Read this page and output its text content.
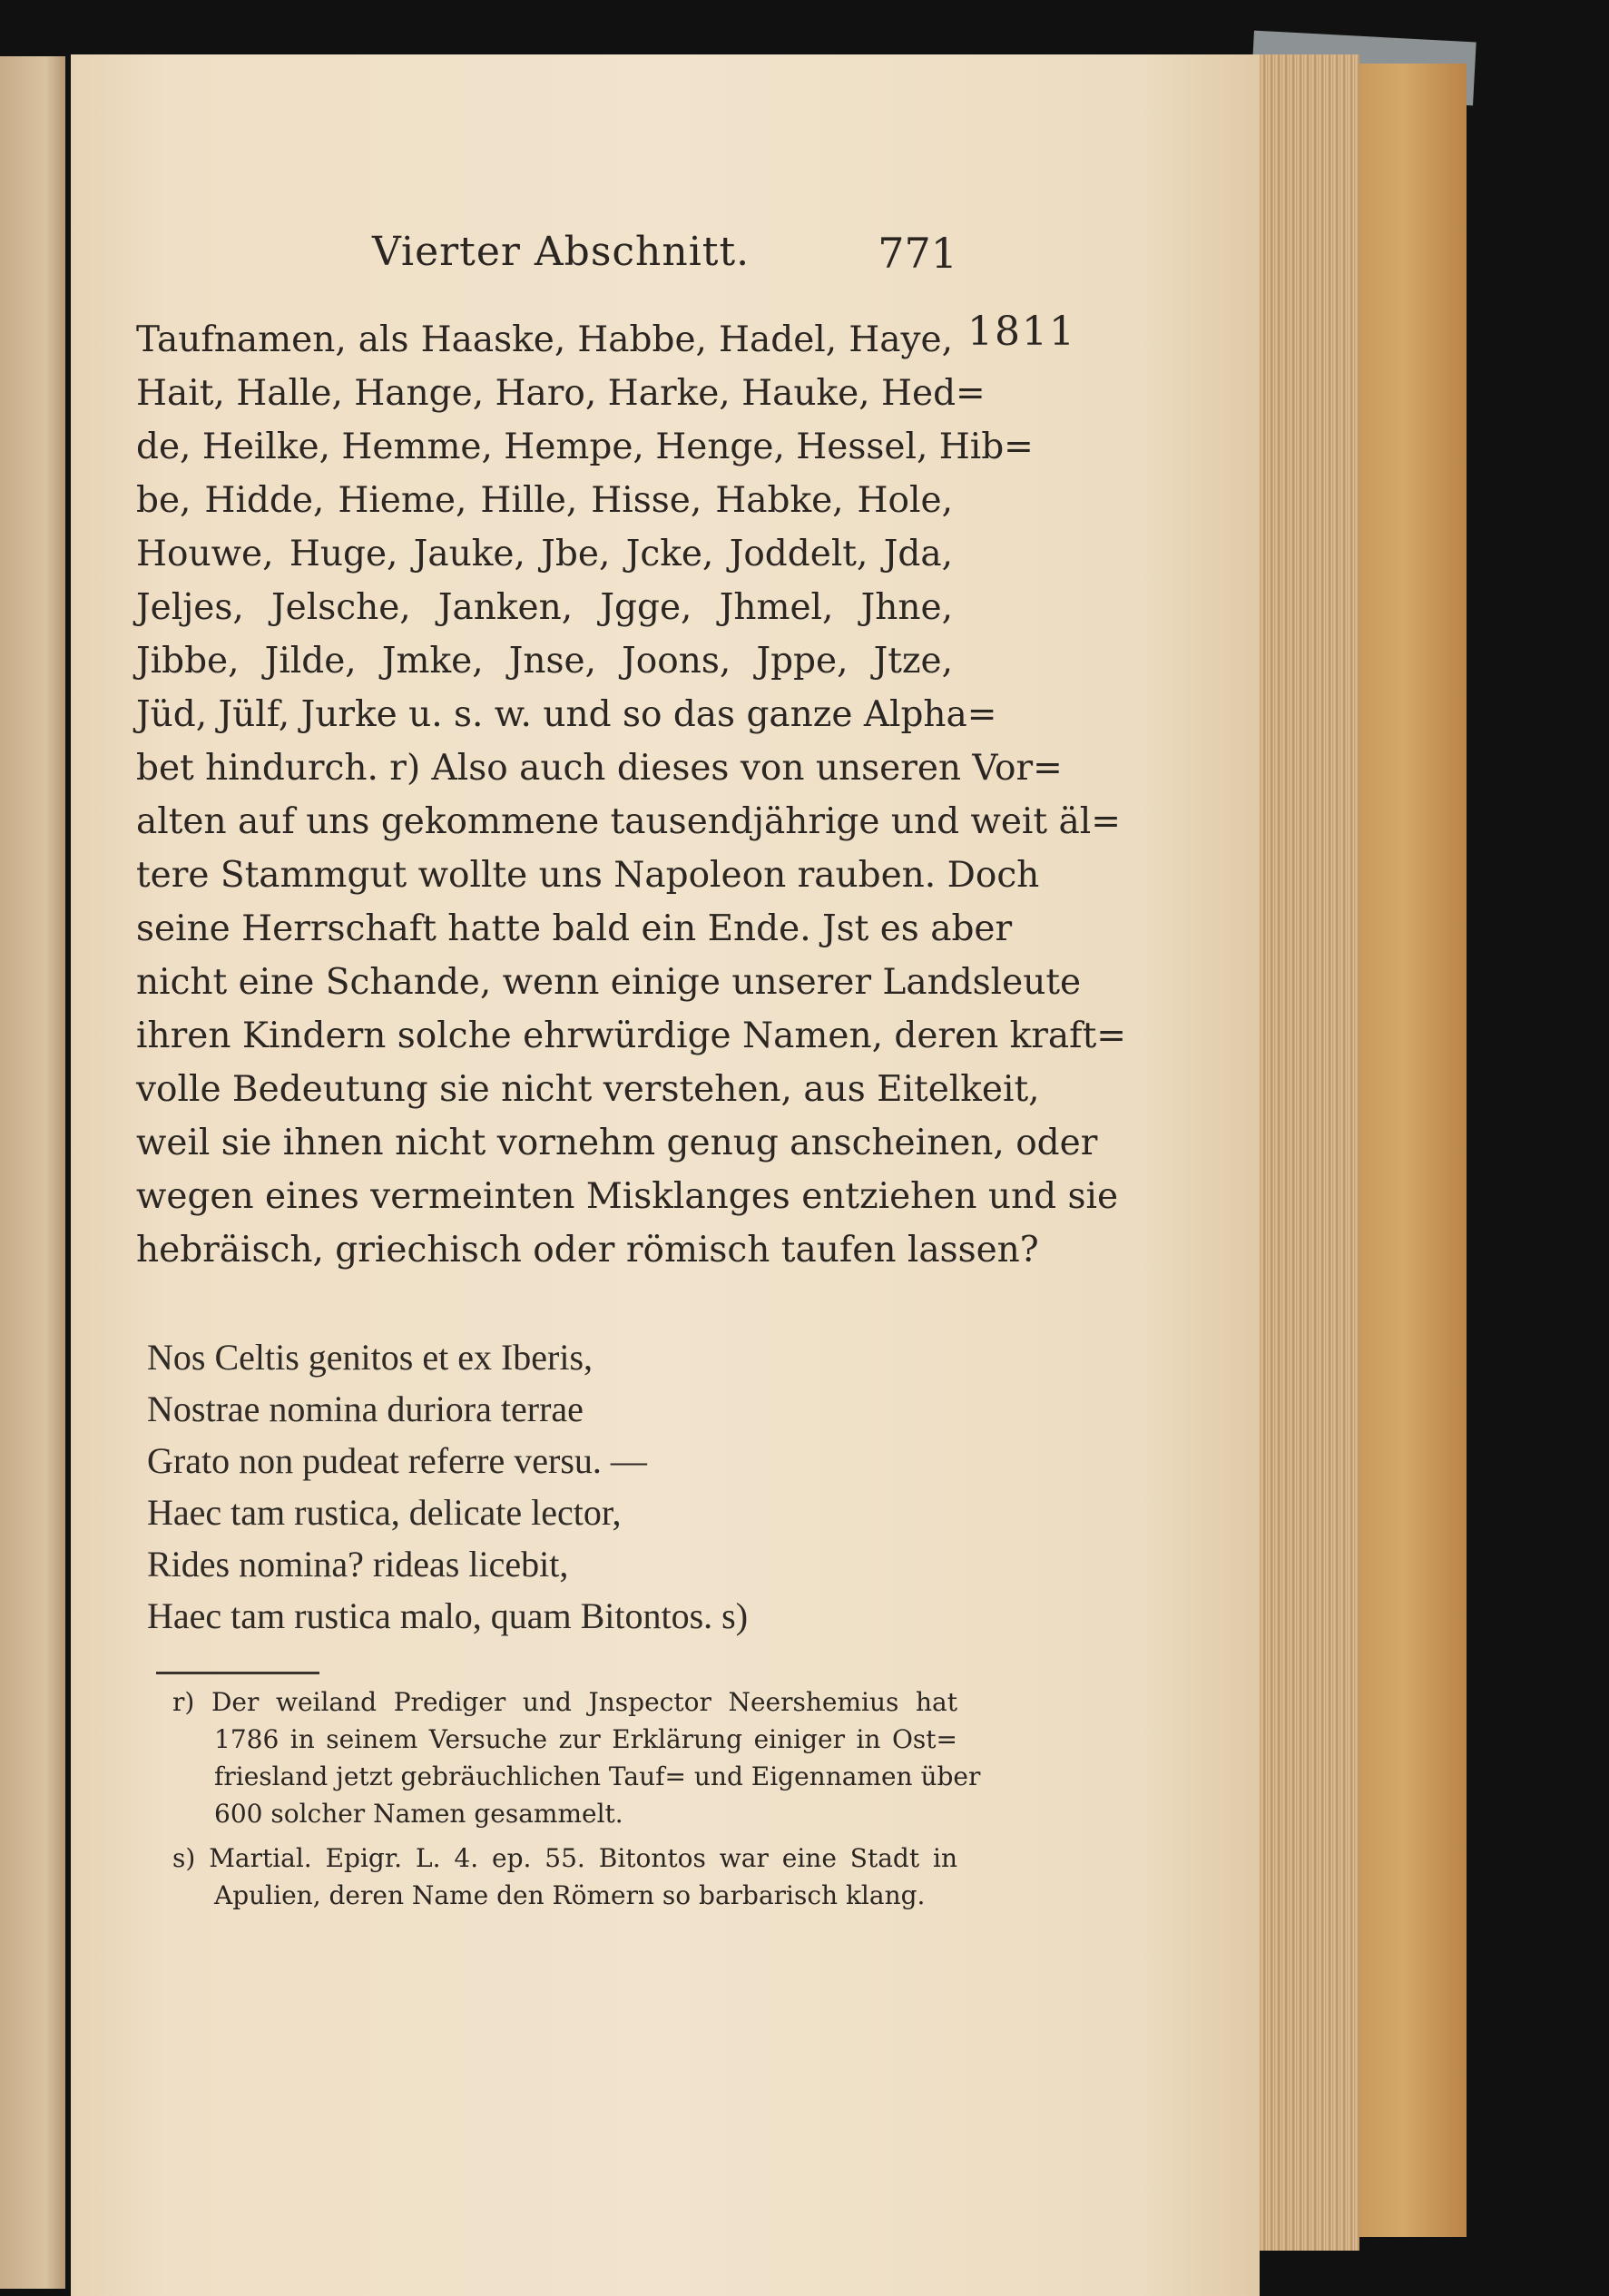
Vierter Abschnitt.	771
1811
Taufnamen, als Haaske, Habbe, Hadel, Haye,
Hait, Halle, Hange, Haro, Harke, Hauke, Hed=
de, Heilke, Hemme, Hempe, Henge, Hessel, Hib=
be, Hidde, Hieme, Hille, Hisse, Habke, Hole,
Houwe, Huge, Jauke, Jbe, Jcke, Joddelt, Jda,
Jeljes, Jelsche, Janken, Jgge, Jhmel, Jhne,
Jibbe, Jilde, Jmke, Jnse, Joons, Jppe, Jtze,
Jüd, Jülf, Jurke u. s. w. und so das ganze Alpha=
bet hindurch. r) Also auch dieses von unseren Vor=
alten auf uns gekommene tausendjährige und weit äl=
tere Stammgut wollte uns Napoleon rauben. Doch
seine Herrschaft hatte bald ein Ende. Jst es aber
nicht eine Schande, wenn einige unserer Landsleute
ihren Kindern solche ehrwürdige Namen, deren kraft=
volle Bedeutung sie nicht verstehen, aus Eitelkeit,
weil sie ihnen nicht vornehm genug anscheinen, oder
wegen eines vermeinten Misklanges entziehen und sie
hebräisch, griechisch oder römisch taufen lassen?
Nos Celtis genitos et ex Iberis,
Nostrae nomina duriora terrae
Grato non pudeat referre versu. —
Haec tam rustica, delicate lector,
Rides nomina? rideas licebit,
Haec tam rustica malo, quam Bitontos. s)
r) Der weiland Prediger und Jnspector Neershemius hat
1786 in seinem Versuche zur Erklärung einiger in Ost=
friesland jetzt gebräuchlichen Tauf= und Eigennamen über
600 solcher Namen gesammelt.
s) Martial. Epigr. L. 4. ep. 55. Bitontos war eine Stadt in
Apulien, deren Name den Römern so barbarisch klang.
